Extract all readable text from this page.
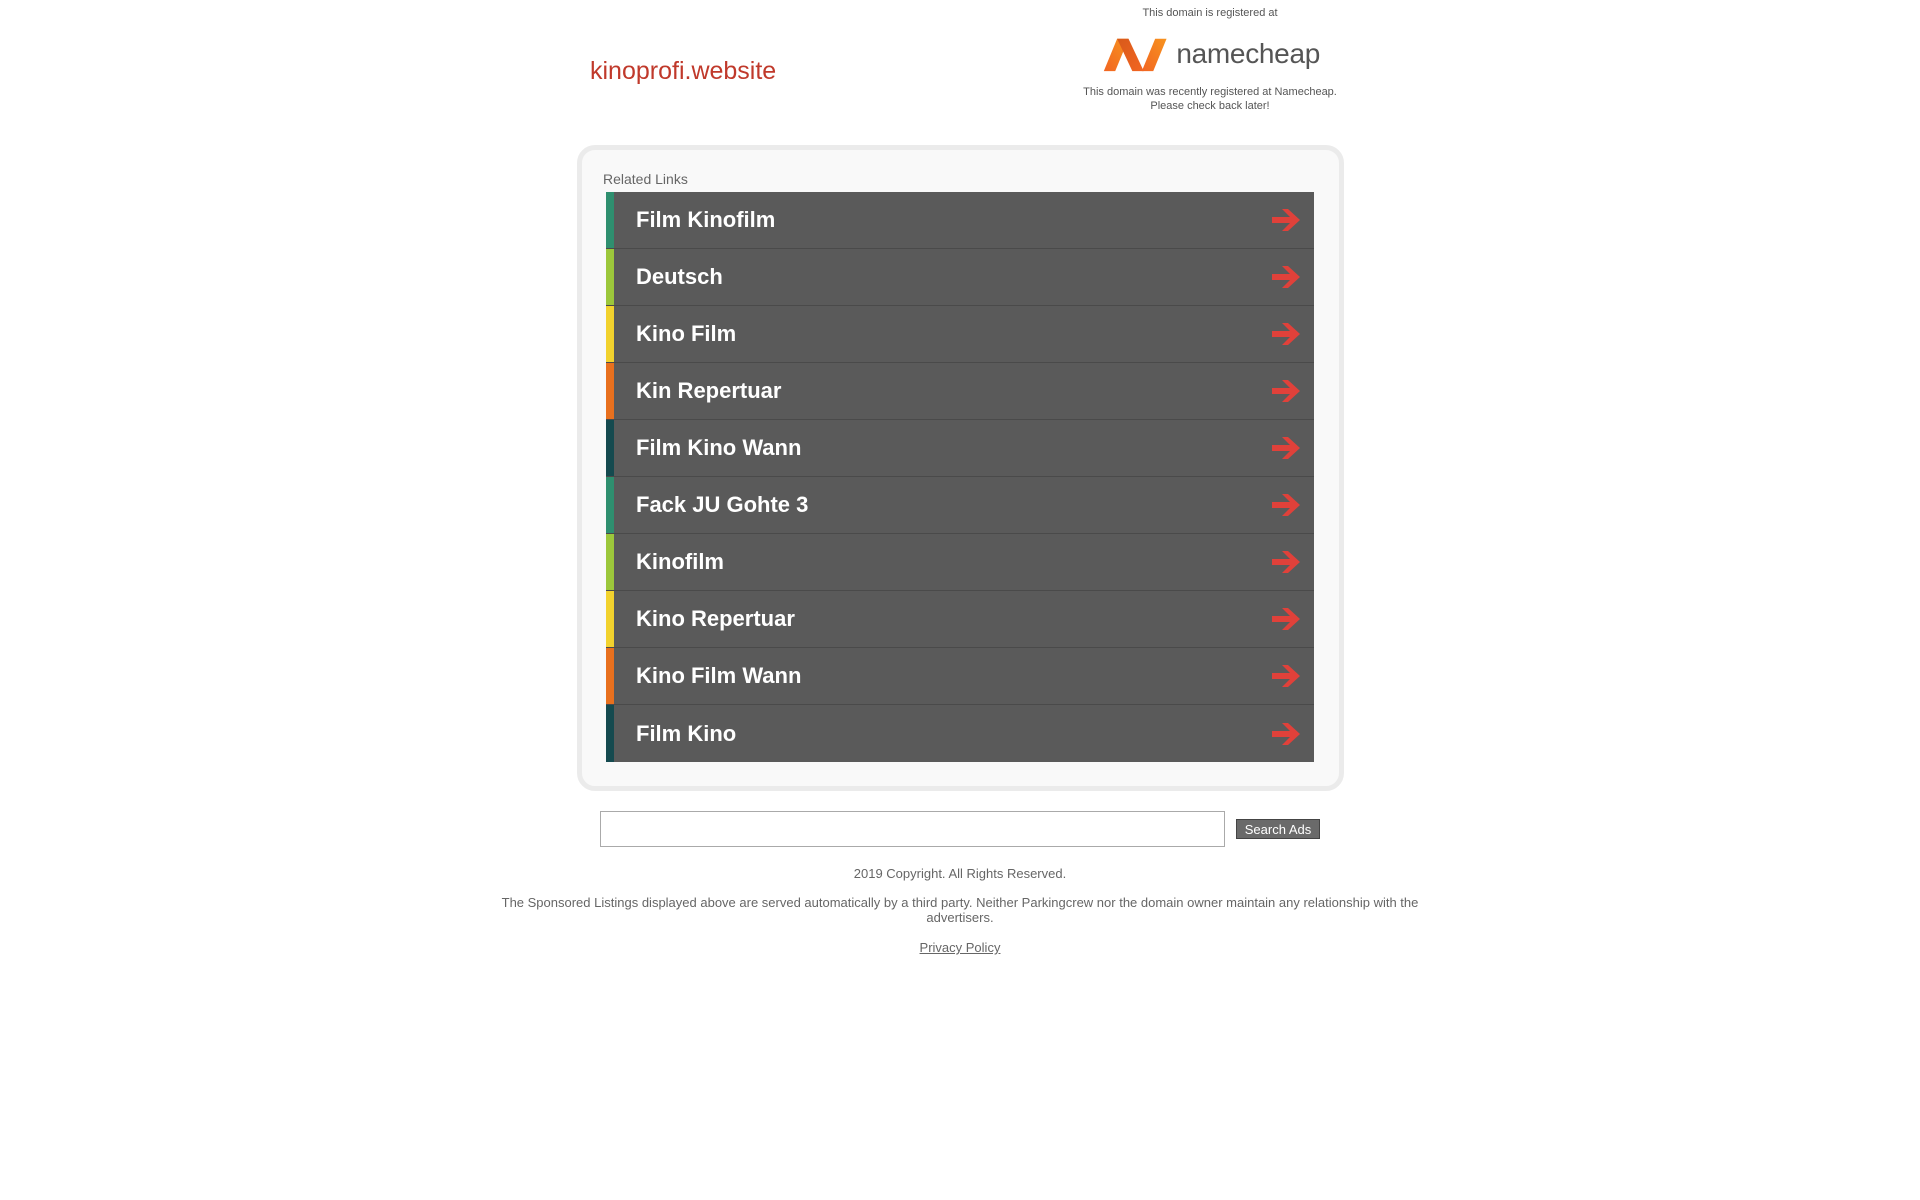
kinoprofi.website
This domain is registered at
namecheap
This domain was recently registered at Namecheap.
Please check back later!
Related Links
Film Kinofilm
Deutsch
Kino Film
Kin Repertuar
Film Kino Wann
Fack JU Gohte 3
Kinofilm
Kino Repertuar
Kino Film Wann
Film Kino
Search Ads

2019 Copyright. All Rights Reserved.

The Sponsored Listings displayed above are served automatically by a third party. Neither Parkingcrew nor the domain owner maintain any relationship with the advertisers.

Privacy Policy
